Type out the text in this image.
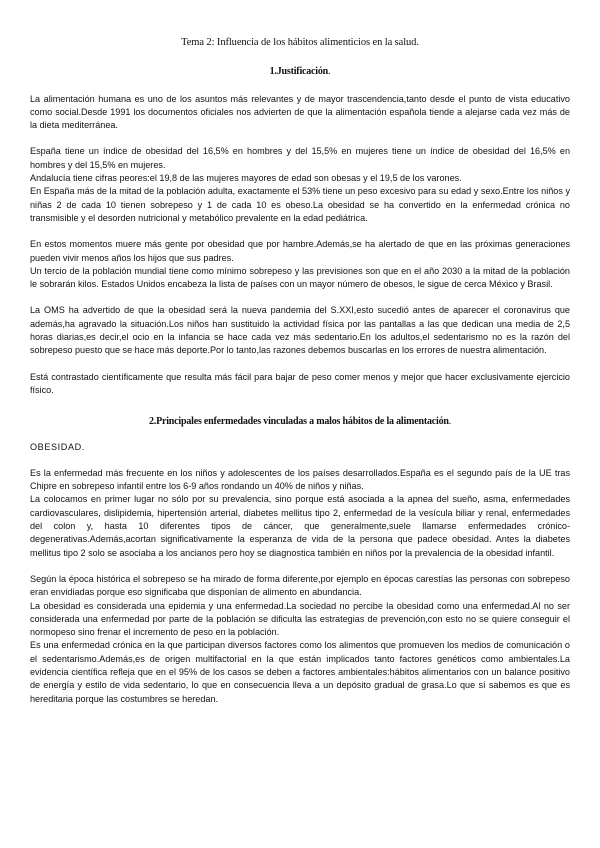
Tema 2: Influencia de los hábitos alimenticios en la salud.
1.Justificación.

La alimentación humana es uno de los asuntos más relevantes y de mayor trascendencia,tanto desde el punto de vista educativo como social.Desde 1991 los documentos oficiales nos advierten de que la alimentación española tiende a alejarse cada vez más de la dieta mediterránea.

España tiene un índice de obesidad del 16,5% en hombres y del 15,5% en mujeres tiene un índice de obesidad del 16,5% en hombres y del 15,5% en mujeres.

Andalucía tiene cifras peores:el 19,8 de las mujeres mayores de edad son obesas y el 19,5 de los varones.

En España más de la mitad de la población adulta, exactamente el 53% tiene un peso excesivo para su edad y sexo.Entre los niños y niñas 2 de cada 10 tienen sobrepeso y 1 de cada 10 es obeso.La obesidad se ha convertido en la enfermedad crónica no transmisible y el desorden nutricional y metabólico prevalente en la edad pediátrica.

En estos momentos muere más gente por obesidad que por hambre.Además,se ha alertado de que en las próximas generaciones pueden vivir menos años los hijos que sus padres.

Un tercio de la población mundial tiene como mínimo sobrepeso y las previsiones son que en el año 2030 a la mitad de la población le sobrarán kilos. Estados Unidos encabeza la lista de países con un mayor número de obesos, le sigue de cerca México y Brasil.

La OMS ha advertido de que la obesidad será la nueva pandemia del S.XXI,esto sucedió antes de aparecer el coronavirus que además,ha agravado la situación.Los niños han sustituido la actividad física por las pantallas a las que dedican una media de 2,5 horas diarias,es decir,el ocio en la infancia se hace cada vez más sedentario.En los adultos,el sedentarismo no es la razón del sobrepeso puesto que se hace más deporte.Por lo tanto,las razones debemos buscarlas en los errores de nuestra alimentación.

Está contrastado científicamente que resulta más fácil para bajar de peso comer menos y mejor que hacer exclusivamente ejercicio físico.

2.Principales enfermedades vinculadas a malos hábitos de la alimentación.
OBESIDAD.

Es la enfermedad más frecuente en los niños y adolescentes de los países desarrollados.España es el segundo país de la UE tras Chipre en sobrepeso infantil entre los 6-9 años rondando un 40% de niños y niñas.

La colocamos en primer lugar no sólo por su prevalencia, sino porque está asociada a la apnea del sueño, asma, enfermedades cardiovasculares, dislipidemia, hipertensión arterial, diabetes mellitus tipo 2, enfermedad de la vesícula biliar y renal, enfermedades del colon y, hasta 10 diferentes tipos de cáncer, que generalmente,suele llamarse enfermedades crónico-degenerativas.Además,acortan significativamente la esperanza de vida de la persona que padece obesidad. Antes la diabetes mellitus tipo 2 solo se asociaba a los ancianos pero hoy se diagnostica también en niños por la prevalencia de la obesidad infantil.

Según la época histórica el sobrepeso se ha mirado de forma diferente,por ejemplo en épocas carestías las personas con sobrepeso eran envidiadas porque eso significaba que disponían de alimento en abundancia.

La obesidad es considerada una epidemia y una enfermedad.La sociedad no percibe la obesidad como una enfermedad.Al no ser considerada una enfermedad por parte de la población se dificulta las estrategias de prevención,con esto no se quiere conseguir el normopeso sino frenar el incremento de peso en la población.

Es una enfermedad crónica en la que participan diversos factores como los alimentos que promueven los medios de comunicación o el sedentarismo.Además,es de origen multifactorial en la que están implicados tanto factores genéticos como ambientales.La evidencia científica refleja que en el 95% de los casos se deben a factores ambientales:hábitos alimentarios con un balance positivo de energía y estilo de vida sedentario, lo que en consecuencia lleva a un depósito gradual de grasa.Lo que sí sabemos es que es hereditaria porque las costumbres se heredan.
